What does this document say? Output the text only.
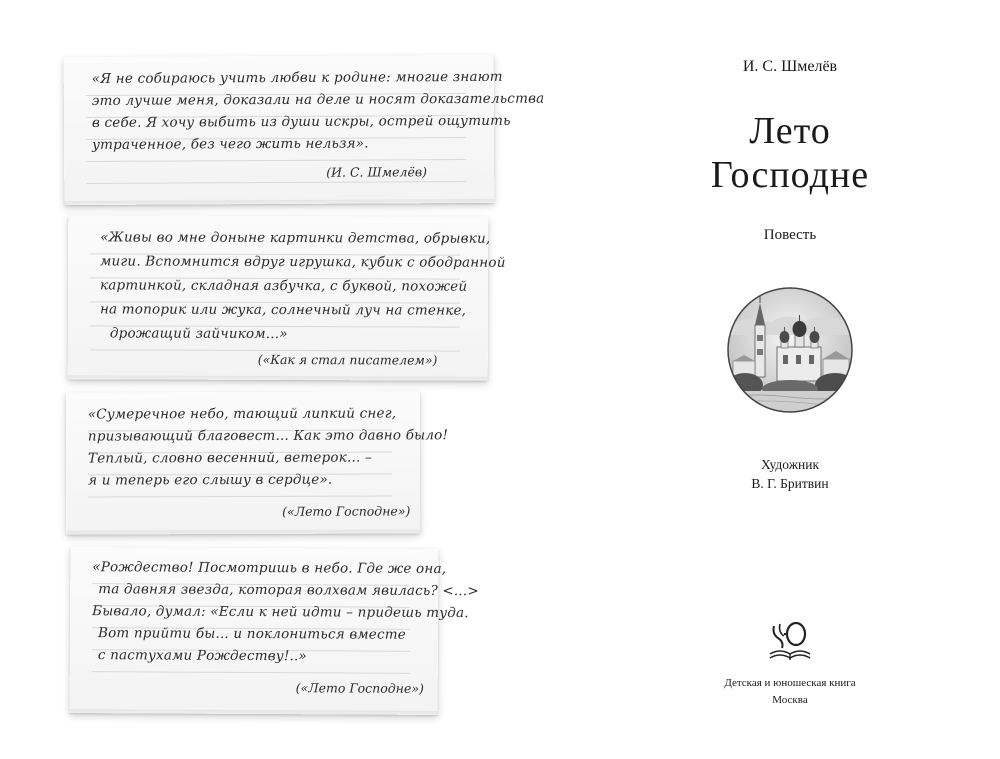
«Я не собираюсь учить любви к родине: многие знают
это лучше меня, доказали на деле и носят доказательства
в себе. Я хочу выбить из души искры, острей ощутить
утраченное, без чего жить нельзя».
(И. С. Шмелёв)
«Живы во мне доныне картинки детства, обрывки,
миги. Вспомнится вдруг игрушка, кубик с ободранной
картинкой, складная азбучка, с буквой, похожей
на топорик или жука, солнечный луч на стенке,
дрожащий зайчиком...»
(«Как я стал писателем»)
«Сумеречное небо, тающий липкий снег,
призывающий благовест... Как это давно было!
Теплый, словно весенний, ветерок... –
я и теперь его слышу в сердце».
(«Лето Господне»)
«Рождество! Посмотришь в небо. Где же она,
та давняя звезда, которая волхвам явилась? <...>
Бывало, думал: «Если к ней идти – придешь туда.
Вот прийти бы... и поклониться вместе
с пастухами Рождеству!..»
(«Лето Господне»)
И. С. Шмелёв
Лето
Господне
Повесть
Художник
В. Г. Бритвин
Детская и юношеская книга
Москва
